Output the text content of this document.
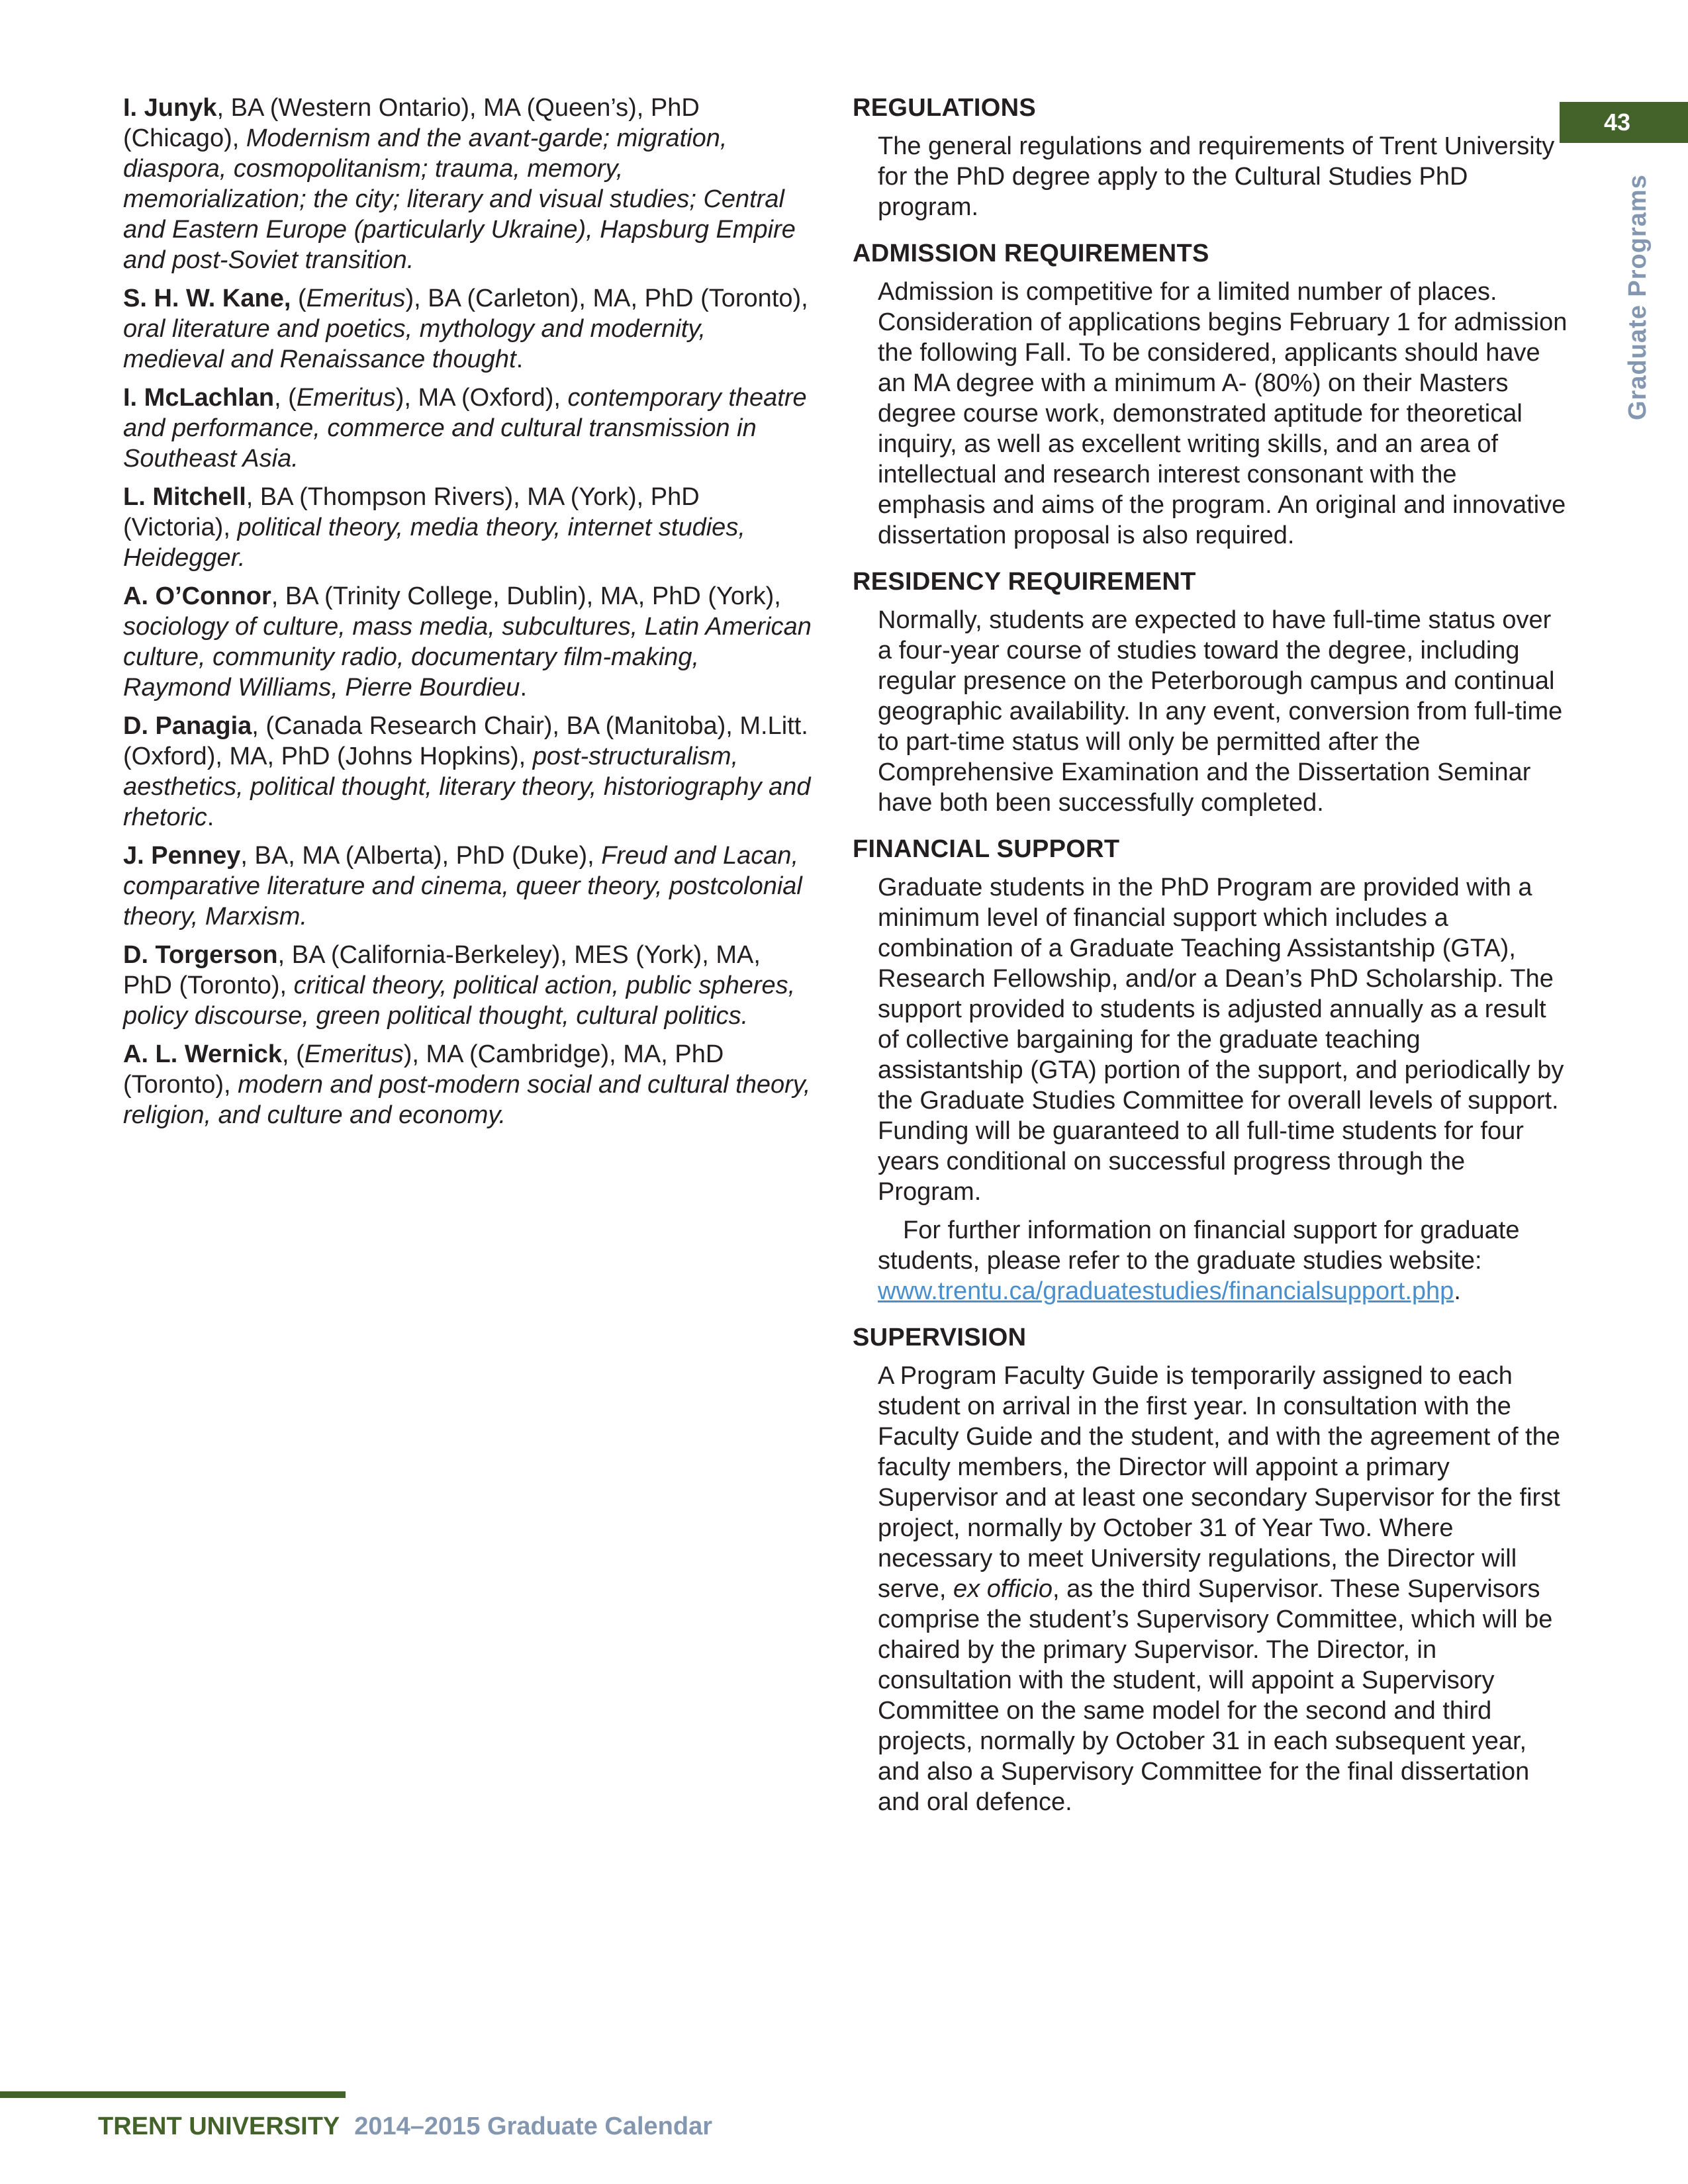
I. Junyk, BA (Western Ontario), MA (Queen’s), PhD (Chicago), Modernism and the avant-garde; migration, diaspora, cosmopolitanism; trauma, memory, memorialization; the city; literary and visual studies; Central and Eastern Europe (particularly Ukraine), Hapsburg Empire and post-Soviet transition.

S. H. W. Kane, (Emeritus), BA (Carleton), MA, PhD (Toronto), oral literature and poetics, mythology and modernity, medieval and Renaissance thought.

I. McLachlan, (Emeritus), MA (Oxford), contemporary theatre and performance, commerce and cultural transmission in Southeast Asia.

L. Mitchell, BA (Thompson Rivers), MA (York), PhD (Victoria), political theory, media theory, internet studies, Heidegger.

A. O’Connor, BA (Trinity College, Dublin), MA, PhD (York), sociology of culture, mass media, subcultures, Latin American culture, community radio, documentary film-making, Raymond Williams, Pierre Bourdieu.

D. Panagia, (Canada Research Chair), BA (Manitoba), M.Litt. (Oxford), MA, PhD (Johns Hopkins), post-structuralism, aesthetics, political thought, literary theory, historiography and rhetoric.

J. Penney, BA, MA (Alberta), PhD (Duke), Freud and Lacan, comparative literature and cinema, queer theory, postcolonial theory, Marxism.

D. Torgerson, BA (California-Berkeley), MES (York), MA, PhD (Toronto), critical theory, political action, public spheres, policy discourse, green political thought, cultural politics.

A. L. Wernick, (Emeritus), MA (Cambridge), MA, PhD (Toronto), modern and post-modern social and cultural theory, religion, and culture and economy.

REGULATIONS

The general regulations and requirements of Trent University for the PhD degree apply to the Cultural Studies PhD program.

ADMISSION REQUIREMENTS

Admission is competitive for a limited number of places. Consideration of applications begins February 1 for admission the following Fall. To be considered, applicants should have an MA degree with a minimum A- (80%) on their Masters degree course work, demonstrated aptitude for theoretical inquiry, as well as excellent writing skills, and an area of intellectual and research interest consonant with the emphasis and aims of the program. An original and innovative dissertation proposal is also required.

RESIDENCY REQUIREMENT

Normally, students are expected to have full-time status over a four-year course of studies toward the degree, including regular presence on the Peterborough campus and continual geographic availability. In any event, conversion from full-time to part-time status will only be permitted after the Comprehensive Examination and the Dissertation Seminar have both been successfully completed.

FINANCIAL SUPPORT

Graduate students in the PhD Program are provided with a minimum level of financial support which includes a combination of a Graduate Teaching Assistantship (GTA), Research Fellowship, and/or a Dean’s PhD Scholarship. The support provided to students is adjusted annually as a result of collective bargaining for the graduate teaching assistantship (GTA) portion of the support, and periodically by the Graduate Studies Committee for overall levels of support. Funding will be guaranteed to all full-time students for four years conditional on successful progress through the Program.

For further information on financial support for graduate students, please refer to the graduate studies website: www.trentu.ca/graduatestudies/financialsupport.php.

SUPERVISION

A Program Faculty Guide is temporarily assigned to each student on arrival in the first year. In consultation with the Faculty Guide and the student, and with the agreement of the faculty members, the Director will appoint a primary Supervisor and at least one secondary Supervisor for the first project, normally by October 31 of Year Two. Where necessary to meet University regulations, the Director will serve, ex officio, as the third Supervisor. These Supervisors comprise the student’s Supervisory Committee, which will be chaired by the primary Supervisor. The Director, in consultation with the student, will appoint a Supervisory Committee on the same model for the second and third projects, normally by October 31 in each subsequent year, and also a Supervisory Committee for the final dissertation and oral defence.

43
Graduate Programs
TRENT UNIVERSITY 2014–2015 Graduate Calendar
